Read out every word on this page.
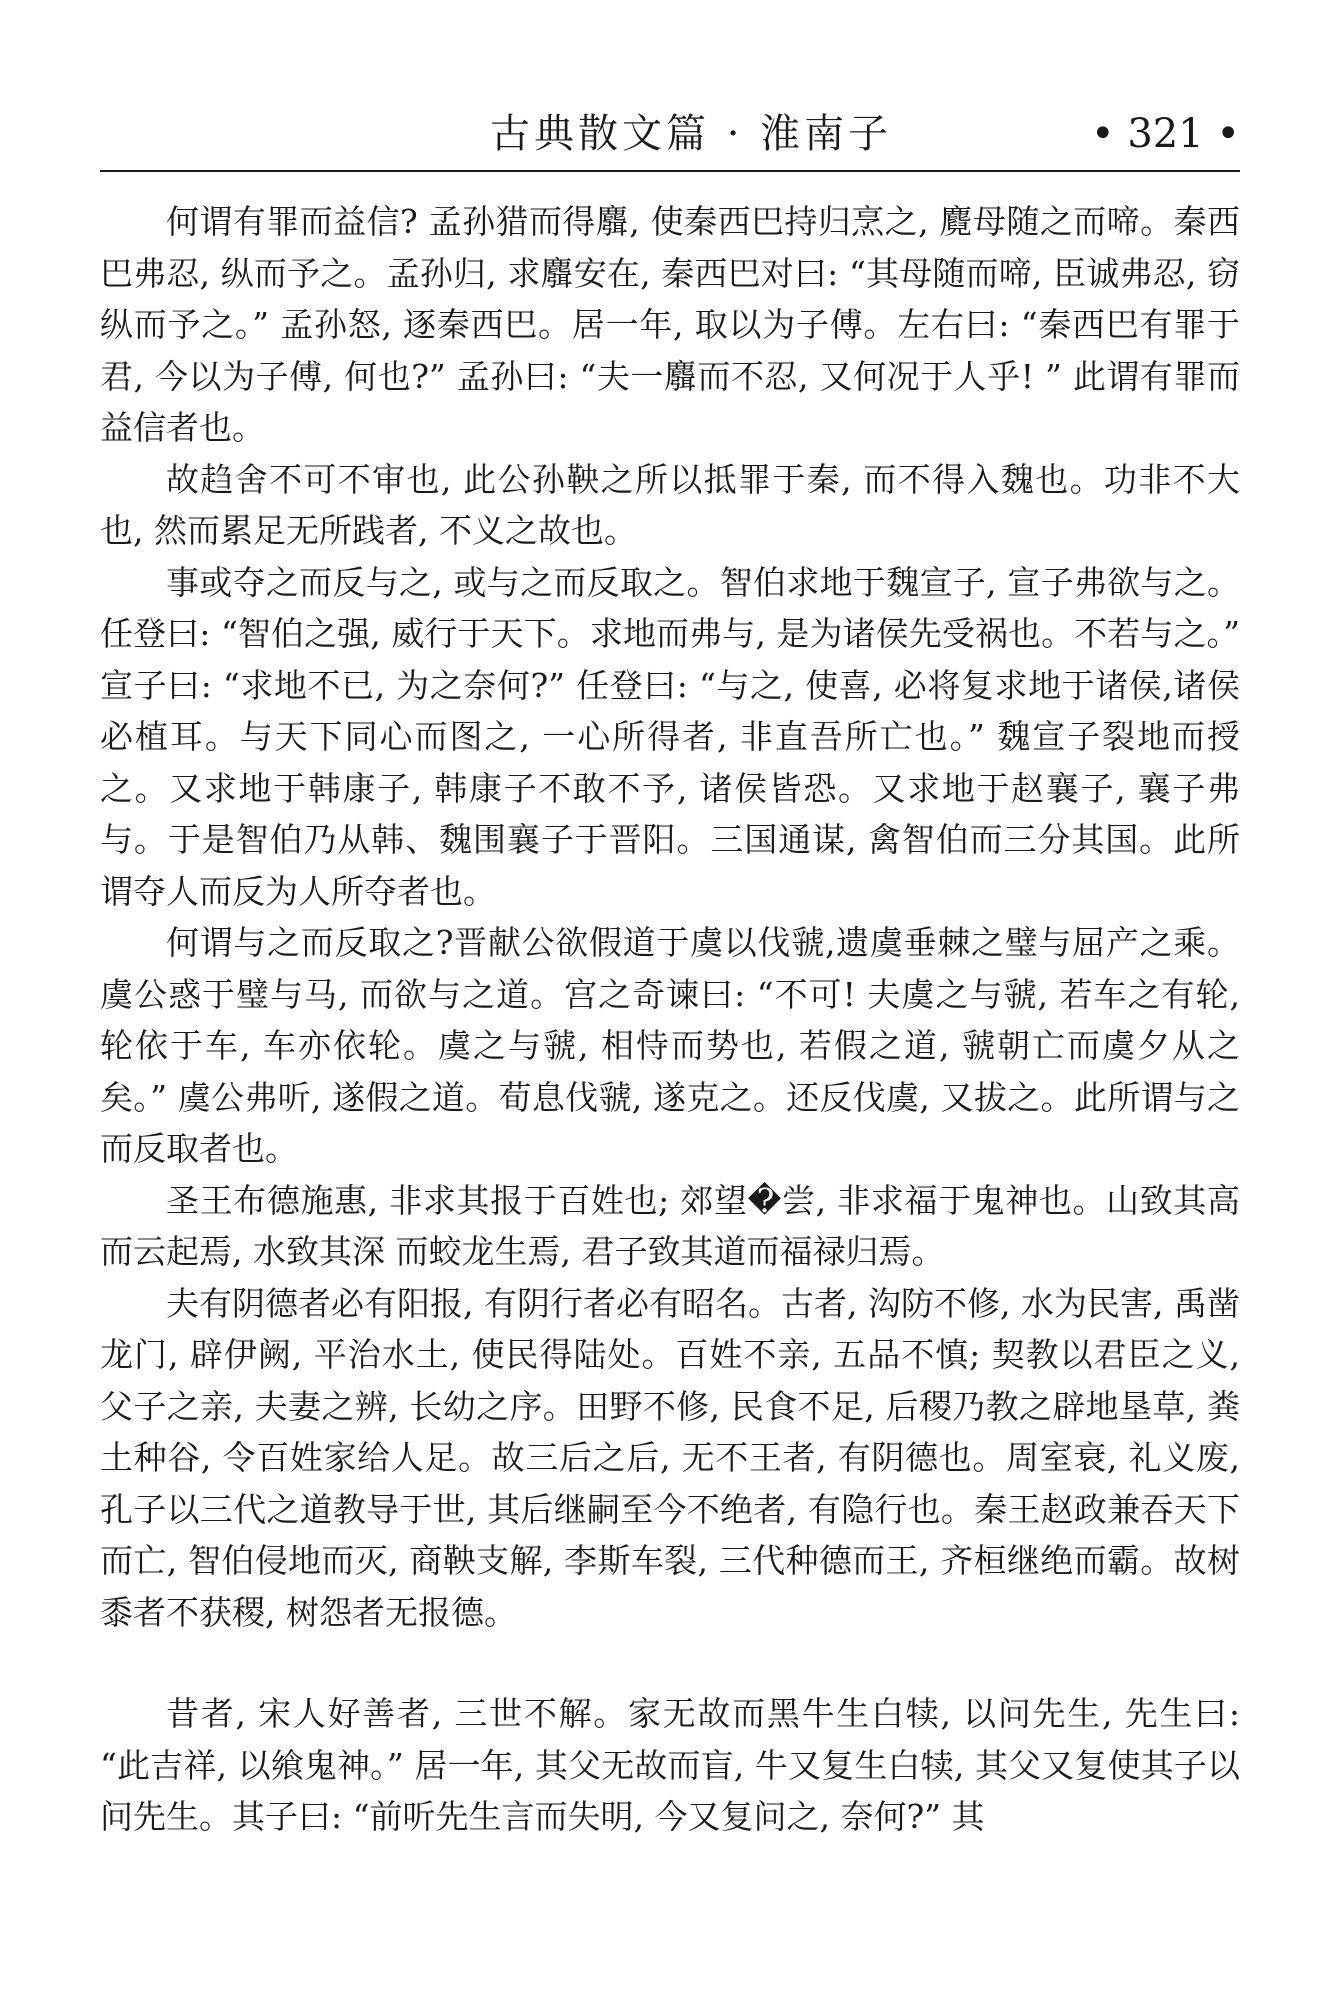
古典散文篇 · 淮南子	• 321 •

何谓有罪而益信? 孟孙猎而得麛, 使秦西巴持归烹之, 麑母随之而啼。秦西巴弗忍, 纵而予之。孟孙归, 求麛安在, 秦西巴对曰: “其母随而啼, 臣诚弗忍, 窃纵而予之。” 孟孙怒, 逐秦西巴。居一年, 取以为子傅。左右曰: “秦西巴有罪于君, 今以为子傅, 何也?” 孟孙曰: “夫一麛而不忍, 又何况于人乎! ” 此谓有罪而益信者也。

故趋舍不可不审也, 此公孙鞅之所以抵罪于秦, 而不得入魏也。功非不大也, 然而累足无所践者, 不义之故也。

事或夺之而反与之, 或与之而反取之。智伯求地于魏宣子, 宣子弗欲与之。任登曰: “智伯之强, 威行于天下。求地而弗与, 是为诸侯先受祸也。不若与之。” 宣子曰: “求地不已, 为之奈何?” 任登曰: “与之, 使喜, 必将复求地于诸侯,诸侯必植耳。与天下同心而图之, 一心所得者, 非直吾所亡也。” 魏宣子裂地而授 之。又求地于韩康子, 韩康子不敢不予, 诸侯皆恐。又求地于赵襄子, 襄子弗与。于是智伯乃从韩、魏围襄子于晋阳。三国通谋, 禽智伯而三分其国。此所谓夺人而反为人所夺者也。

何谓与之而反取之?晋献公欲假道于虞以伐虢,遗虞垂棘之璧与屈产之乘。虞公惑于璧与马, 而欲与之道。宫之奇谏曰: “不可! 夫虞之与虢, 若车之有轮, 轮依于车, 车亦依轮。虞之与虢, 相恃而势也, 若假之道, 虢朝亡而虞夕从之矣。” 虞公弗听, 遂假之道。荀息伐虢, 遂克之。还反伐虞, 又拔之。此所谓与之而反取者也。

圣王布德施惠, 非求其报于百姓也; 郊望�尝, 非求福于鬼神也。山致其高而云起焉, 水致其深 而蛟龙生焉, 君子致其道而福禄归焉。

夫有阴德者必有阳报, 有阴行者必有昭名。古者, 沟防不修, 水为民害, 禹凿龙门, 辟伊阙, 平治水土, 使民得陆处。百姓不亲, 五品不慎; 契教以君臣之义, 父子之亲, 夫妻之辨, 长幼之序。田野不修, 民食不足, 后稷乃教之辟地垦草, 粪土种谷, 令百姓家给人足。故三后之后, 无不王者, 有阴德也。周室衰, 礼义废, 孔子以三代之道教导于世, 其后继嗣至今不绝者, 有隐行也。秦王赵政兼吞天下而亡, 智伯侵地而灭, 商鞅支解, 李斯车裂, 三代种德而王, 齐桓继绝而霸。故树黍者不获稷, 树怨者无报德。

昔者, 宋人好善者, 三世不解。家无故而黑牛生白犊, 以问先生, 先生曰: “此吉祥, 以飨鬼神。” 居一年, 其父无故而盲, 牛又复生白犊, 其父又复使其子以问先生。其子曰: “前听先生言而失明, 今又复问之, 奈何?” 其
